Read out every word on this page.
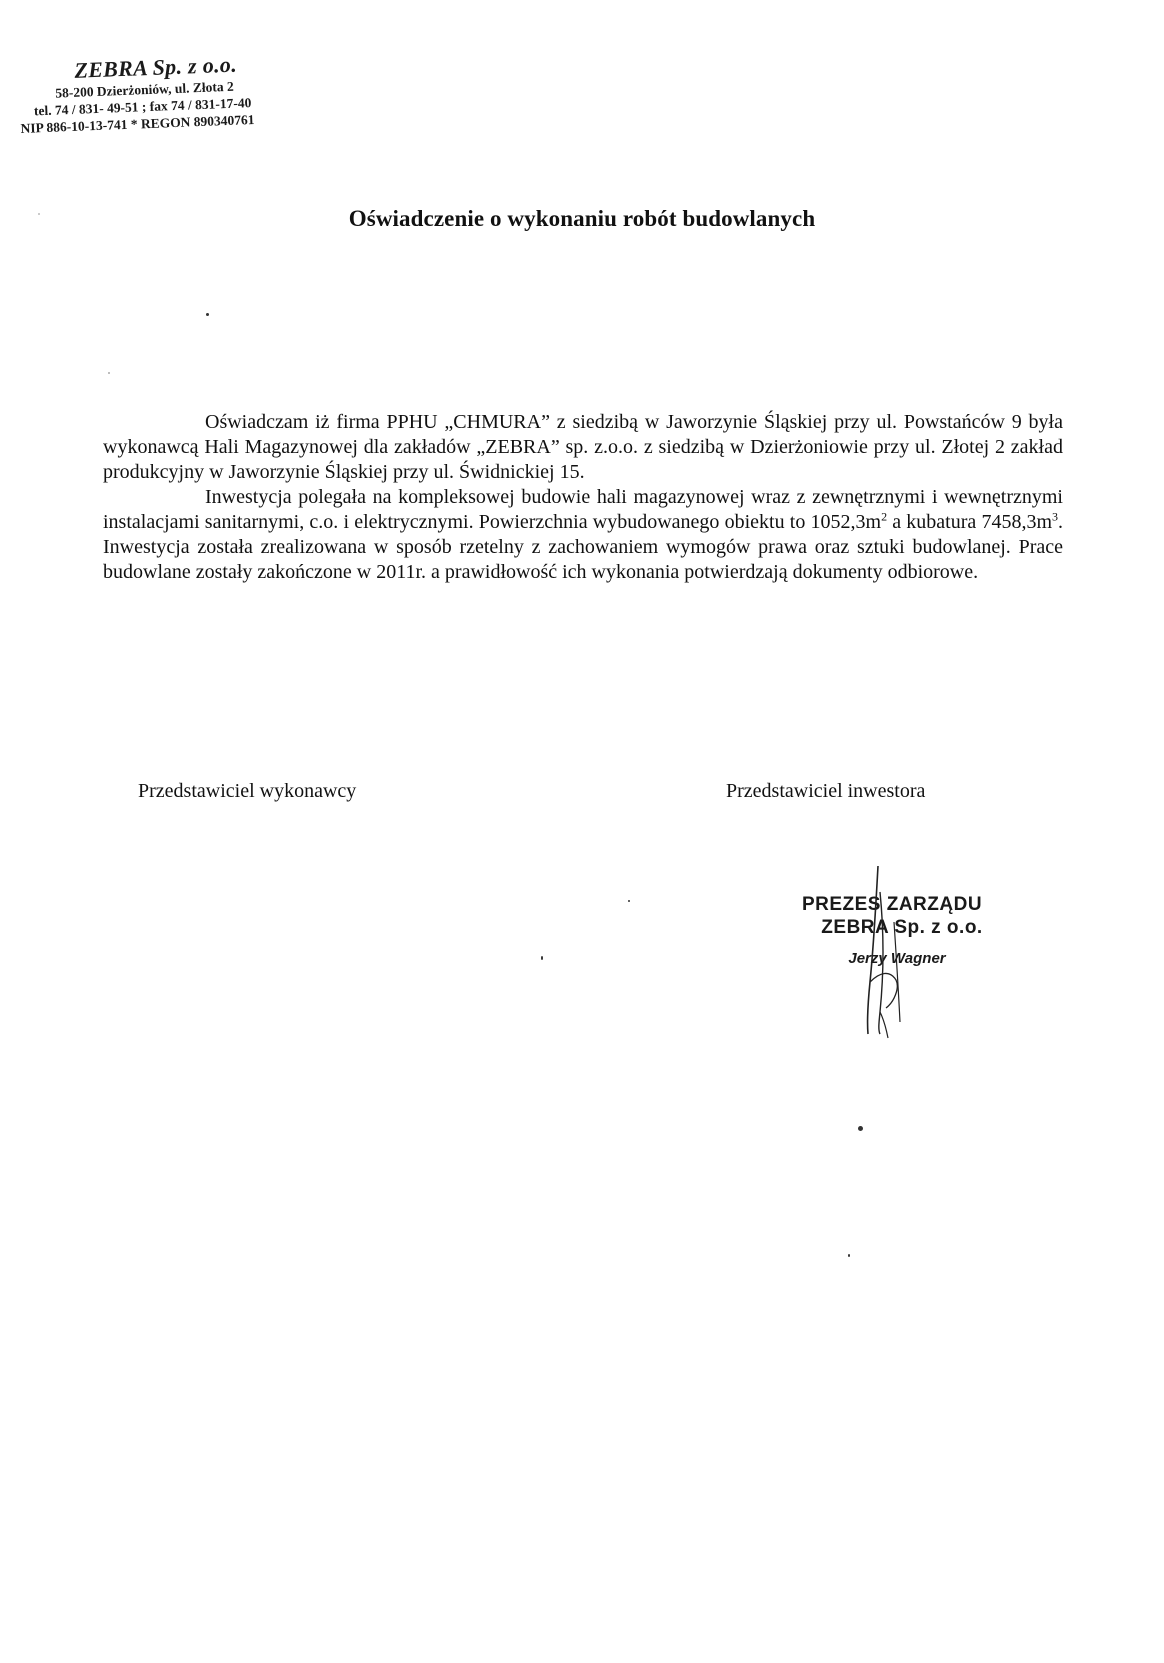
ZEBRA Sp. z o.o.
58-200 Dzierżoniów, ul. Złota 2
tel. 74 / 831- 49-51 ; fax 74 / 831-17-40
NIP 886-10-13-741 * REGON 890340761
Oświadczenie o wykonaniu robót budowlanych

Oświadczam iż firma PPHU „CHMURA” z siedzibą w Jaworzynie Śląskiej przy ul. Powstańców 9 była wykonawcą Hali Magazynowej dla zakładów „ZEBRA” sp. z.o.o. z siedzibą w Dzierżoniowie przy ul. Złotej 2 zakład produkcyjny w Jaworzynie Śląskiej przy ul. Świdnickiej 15.

Inwestycja polegała na kompleksowej budowie hali magazynowej wraz z zewnętrznymi i wewnętrznymi instalacjami sanitarnymi, c.o. i elektrycznymi. Powierzchnia wybudowanego obiektu to $1052,3m^2$ a kubatura $7458,3m^3$. Inwestycja została zrealizowana w sposób rzetelny z zachowaniem wymogów prawa oraz sztuki budowlanej. Prace budowlane zostały zakończone w 2011r. a prawidłowość ich wykonania potwierdzają dokumenty odbiorowe.

Przedstawiciel wykonawcy	Przedstawiciel inwestora
PREZES ZARZĄDU
ZEBRA Sp. z o.o.
Jerzy Wagner
